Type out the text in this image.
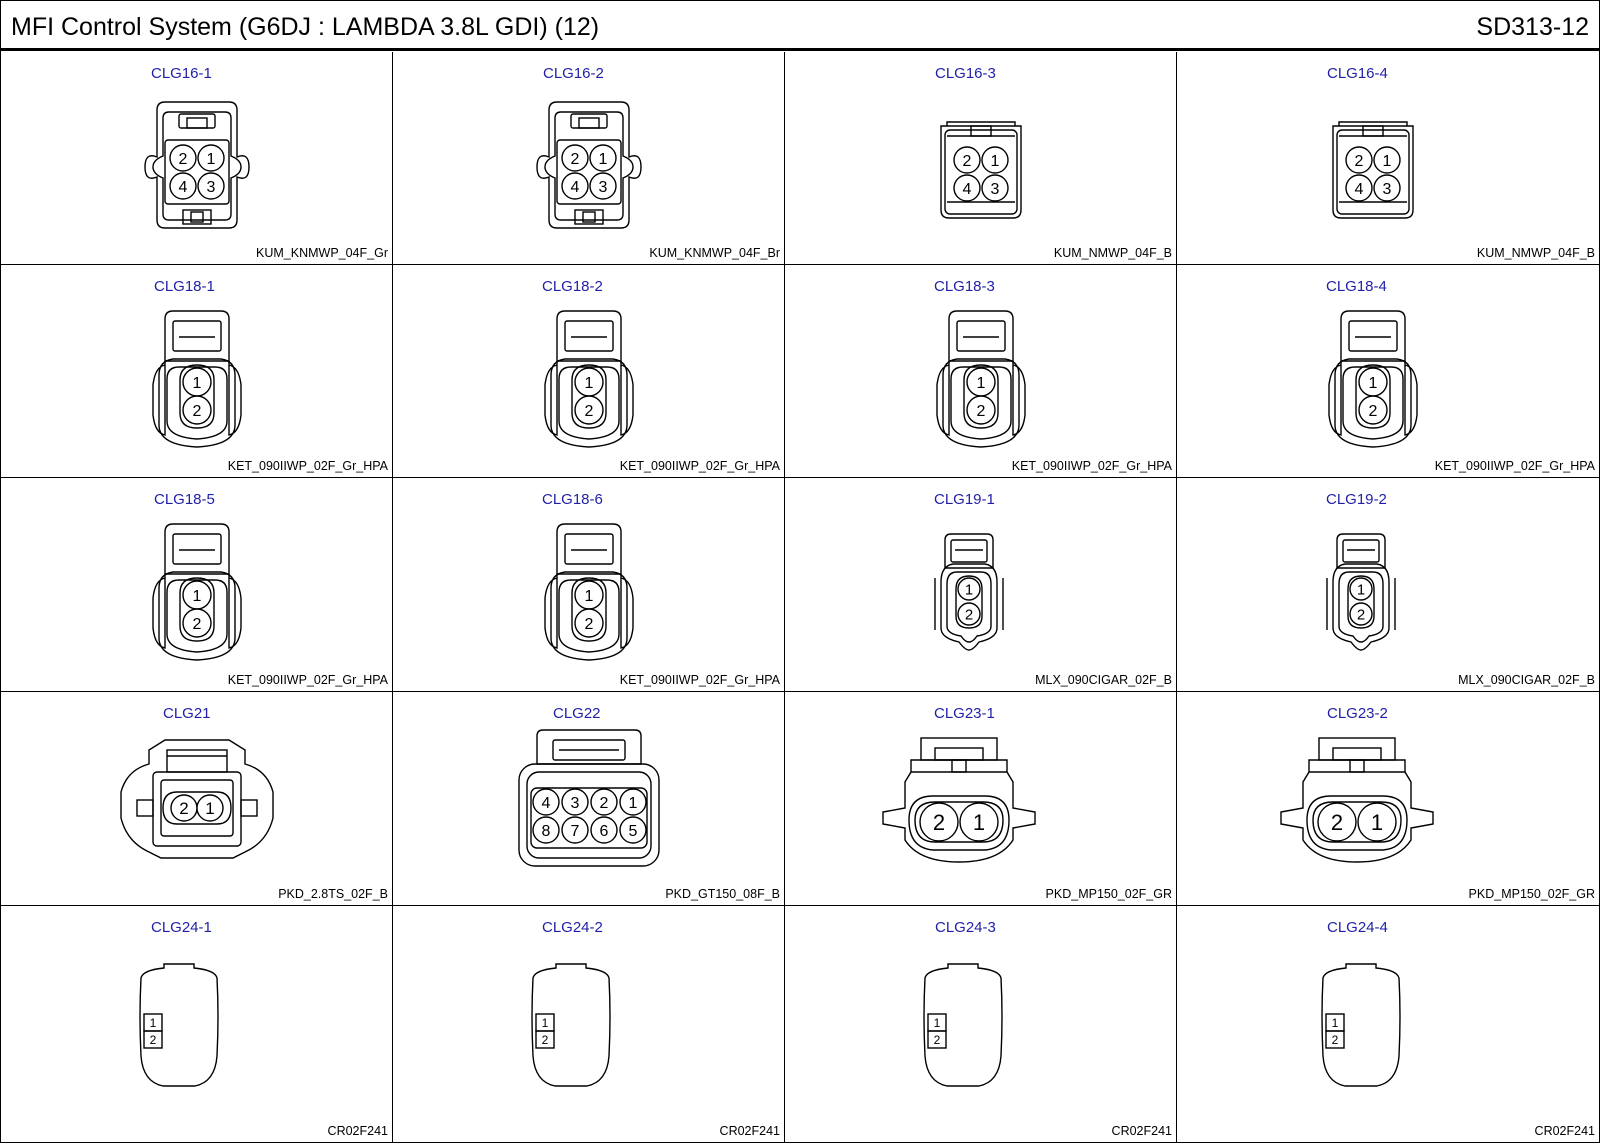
MFI Control System (G6DJ : LAMBDA 3.8L GDI) (12)	SD313-12
CLG16-1
2 1
4 3
KUM_KNMWP_04F_Gr
CLG16-2
2 1
4 3
KUM_KNMWP_04F_Br
CLG16-3
2 1
4 3
KUM_NMWP_04F_B
CLG16-4
2 1
4 3
KUM_NMWP_04F_B
CLG18-1
1
2
KET_090IIWP_02F_Gr_HPA
CLG18-2
1
2
KET_090IIWP_02F_Gr_HPA
CLG18-3
1
2
KET_090IIWP_02F_Gr_HPA
CLG18-4
1
2
KET_090IIWP_02F_Gr_HPA
CLG18-5
1
2
KET_090IIWP_02F_Gr_HPA
CLG18-6
1
2
KET_090IIWP_02F_Gr_HPA
CLG19-1
1
2
MLX_090CIGAR_02F_B
CLG19-2
1
2
MLX_090CIGAR_02F_B
CLG21
2 1
PKD_2.8TS_02F_B
CLG22
4 3 2 1
8 7 6 5
PKD_GT150_08F_B
CLG23-1
2 1
PKD_MP150_02F_GR
CLG23-2
2 1
PKD_MP150_02F_GR
CLG24-1
1
2
CR02F241
CLG24-2
1
2
CR02F241
CLG24-3
1
2
CR02F241
CLG24-4
1
2
CR02F241
